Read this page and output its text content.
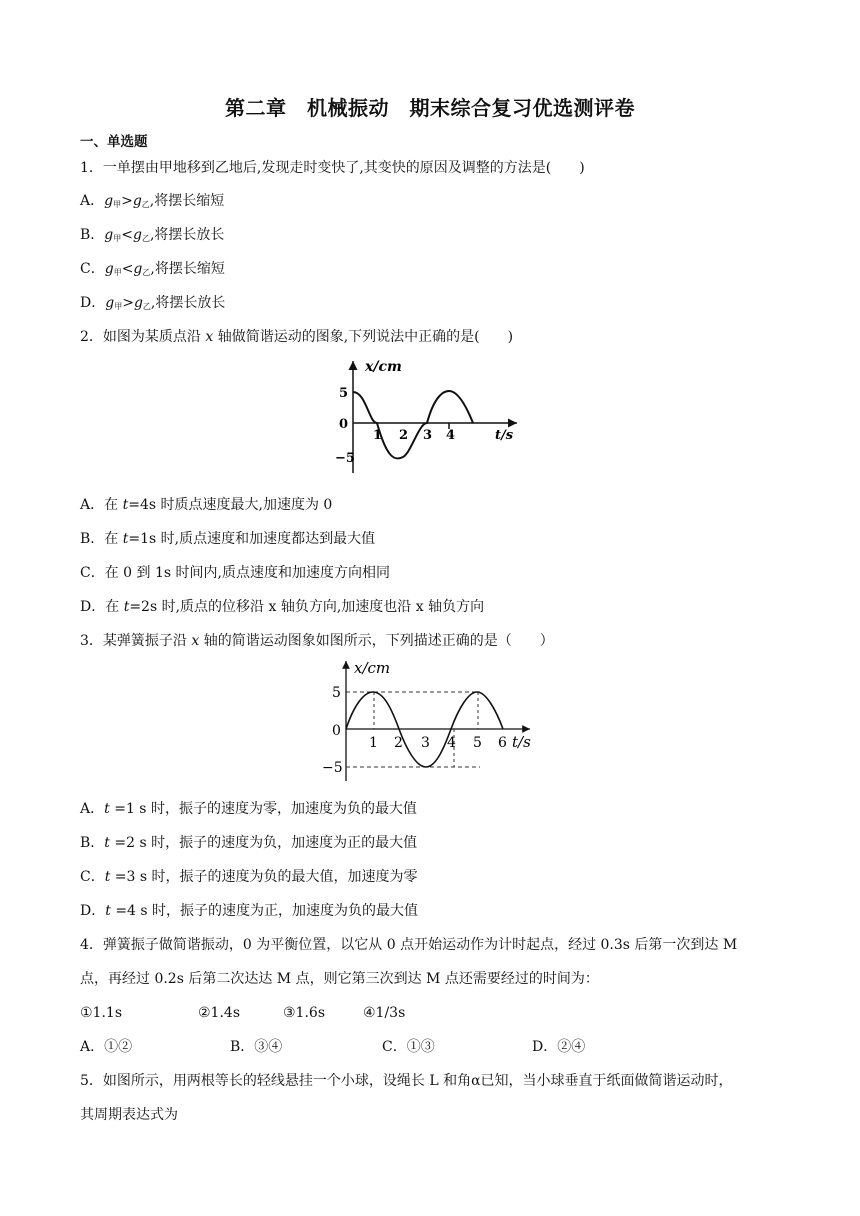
第二章　机械振动　期末综合复习优选测评卷
一、单选题
1．一单摆由甲地移到乙地后,发现走时变快了,其变快的原因及调整的方法是(　　)
A．$g_甲>g_乙$,将摆长缩短
B．$g_甲<g_乙$,将摆长放长
C．$g_甲<g_乙$,将摆长缩短
D．$g_甲>g_乙$,将摆长放长
2．如图为某质点沿 x 轴做简谐运动的图象,下列说法中正确的是(　　)
x/cm
t/s
5
0
−5
1 2 3 4
A．在 t=4s 时质点速度最大,加速度为 0
B．在 t=1s 时,质点速度和加速度都达到最大值
C．在 0 到 1s 时间内,质点速度和加速度方向相同
D．在 t=2s 时,质点的位移沿 x 轴负方向,加速度也沿 x 轴负方向
3．某弹簧振子沿 x 轴的简谐运动图象如图所示，下列描述正确的是（　　）
x/cm
t/s
5
0
−5
1 2 3 4 5 6
A．t =1 s 时，振子的速度为零，加速度为负的最大值
B．t =2 s 时，振子的速度为负，加速度为正的最大值
C．t =3 s 时，振子的速度为负的最大值，加速度为零
D．t =4 s 时，振子的速度为正，加速度为负的最大值
4．弹簧振子做简谐振动，0 为平衡位置，以它从 0 点开始运动作为计时起点，经过 0.3s 后第一次到达 M
点，再经过 0.2s 后第二次达达 M 点，则它第三次到达 M 点还需要经过的时间为：
①1.1s	②1.4s	③1.6s	④1/3s
A．①②	B．③④	C．①③	D．②④
5．如图所示，用两根等长的轻线悬挂一个小球，设绳长 L 和角α已知，当小球垂直于纸面做简谐运动时，
其周期表达式为
